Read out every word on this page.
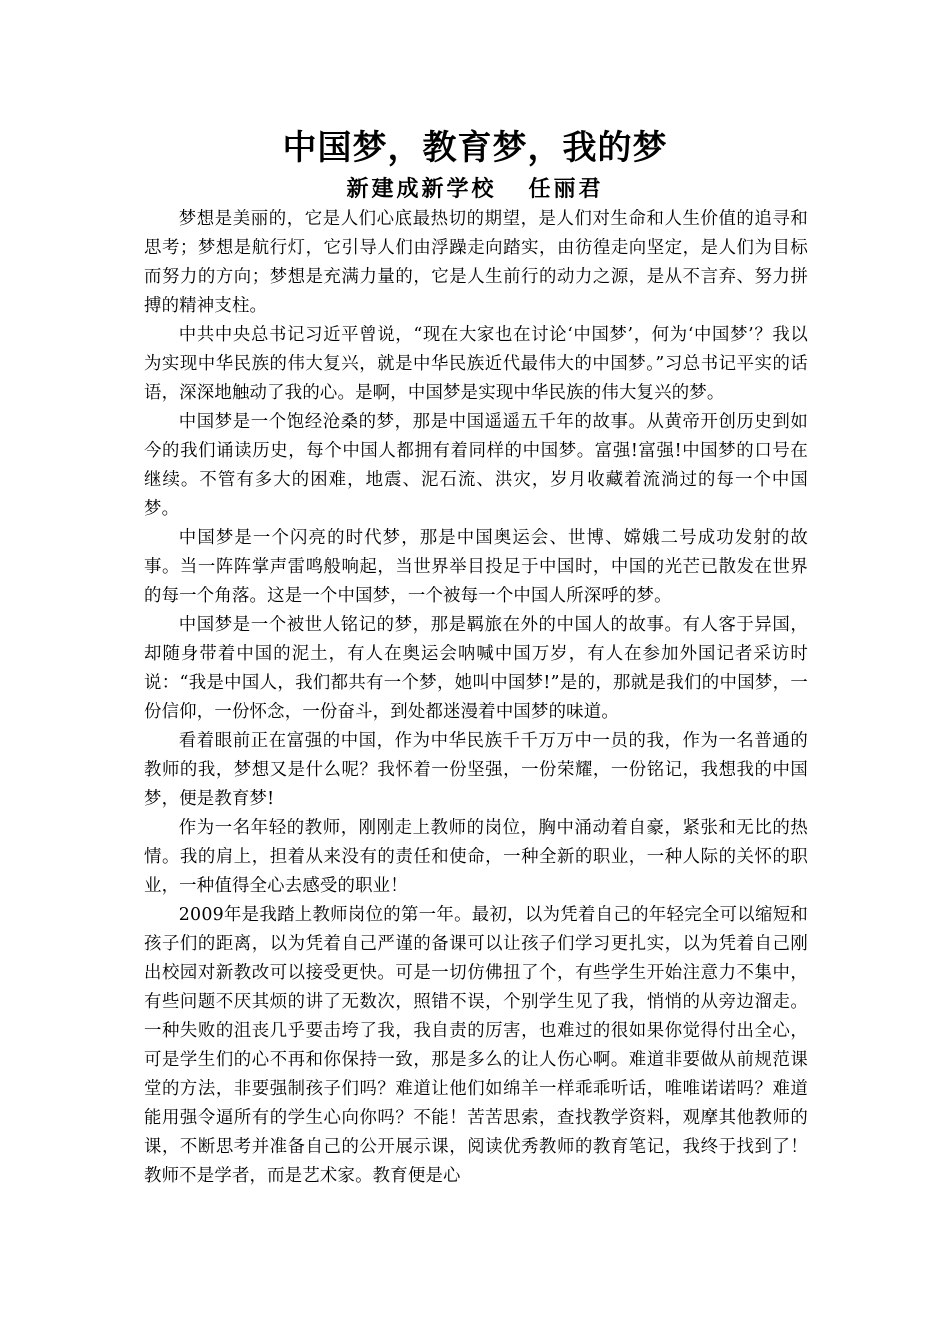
中国梦，教育梦，我的梦
新建成新学校   任丽君

梦想是美丽的，它是人们心底最热切的期望，是人们对生命和人生价值的追寻和思考；梦想是航行灯，它引导人们由浮躁走向踏实，由彷徨走向坚定，是人们为目标而努力的方向；梦想是充满力量的，它是人生前行的动力之源，是从不言弃、努力拼搏的精神支柱。

中共中央总书记习近平曾说，“现在大家也在讨论‘中国梦’，何为‘中国梦’？我以为实现中华民族的伟大复兴，就是中华民族近代最伟大的中国梦。”习总书记平实的话语，深深地触动了我的心。是啊，中国梦是实现中华民族的伟大复兴的梦。

中国梦是一个饱经沧桑的梦，那是中国遥遥五千年的故事。从黄帝开创历史到如今的我们诵读历史，每个中国人都拥有着同样的中国梦。富强!富强!中国梦的口号在继续。不管有多大的困难，地震、泥石流、洪灾，岁月收藏着流淌过的每一个中国梦。

中国梦是一个闪亮的时代梦，那是中国奥运会、世博、嫦娥二号成功发射的故事。当一阵阵掌声雷鸣般响起，当世界举目投足于中国时，中国的光芒已散发在世界的每一个角落。这是一个中国梦，一个被每一个中国人所深呼的梦。

中国梦是一个被世人铭记的梦，那是羁旅在外的中国人的故事。有人客于异国，却随身带着中国的泥土，有人在奥运会呐喊中国万岁，有人在参加外国记者采访时说：“我是中国人，我们都共有一个梦，她叫中国梦!”是的，那就是我们的中国梦，一份信仰，一份怀念，一份奋斗，到处都迷漫着中国梦的味道。

看着眼前正在富强的中国，作为中华民族千千万万中一员的我，作为一名普通的教师的我，梦想又是什么呢？我怀着一份坚强，一份荣耀，一份铭记，我想我的中国梦，便是教育梦!

作为一名年轻的教师，刚刚走上教师的岗位，胸中涌动着自豪，紧张和无比的热情。我的肩上，担着从来没有的责任和使命，一种全新的职业，一种人际的关怀的职业，一种值得全心去感受的职业！

2009年是我踏上教师岗位的第一年。最初，以为凭着自己的年轻完全可以缩短和孩子们的距离，以为凭着自己严谨的备课可以让孩子们学习更扎实，以为凭着自己刚出校园对新教改可以接受更快。可是一切仿佛扭了个，有些学生开始注意力不集中，有些问题不厌其烦的讲了无数次，照错不误，个别学生见了我，悄悄的从旁边溜走。 一种失败的沮丧几乎要击垮了我，我自责的厉害，也难过的很如果你觉得付出全心，可是学生们的心不再和你保持一致，那是多么的让人伤心啊。难道非要做从前规范课堂的方法，非要强制孩子们吗？难道让他们如绵羊一样乖乖听话，唯唯诺诺吗？难道能用强令逼所有的学生心向你吗？不能！苦苦思索，查找教学资料，观摩其他教师的课，不断思考并准备自己的公开展示课，阅读优秀教师的教育笔记，我终于找到了！教师不是学者，而是艺术家。教育便是心
